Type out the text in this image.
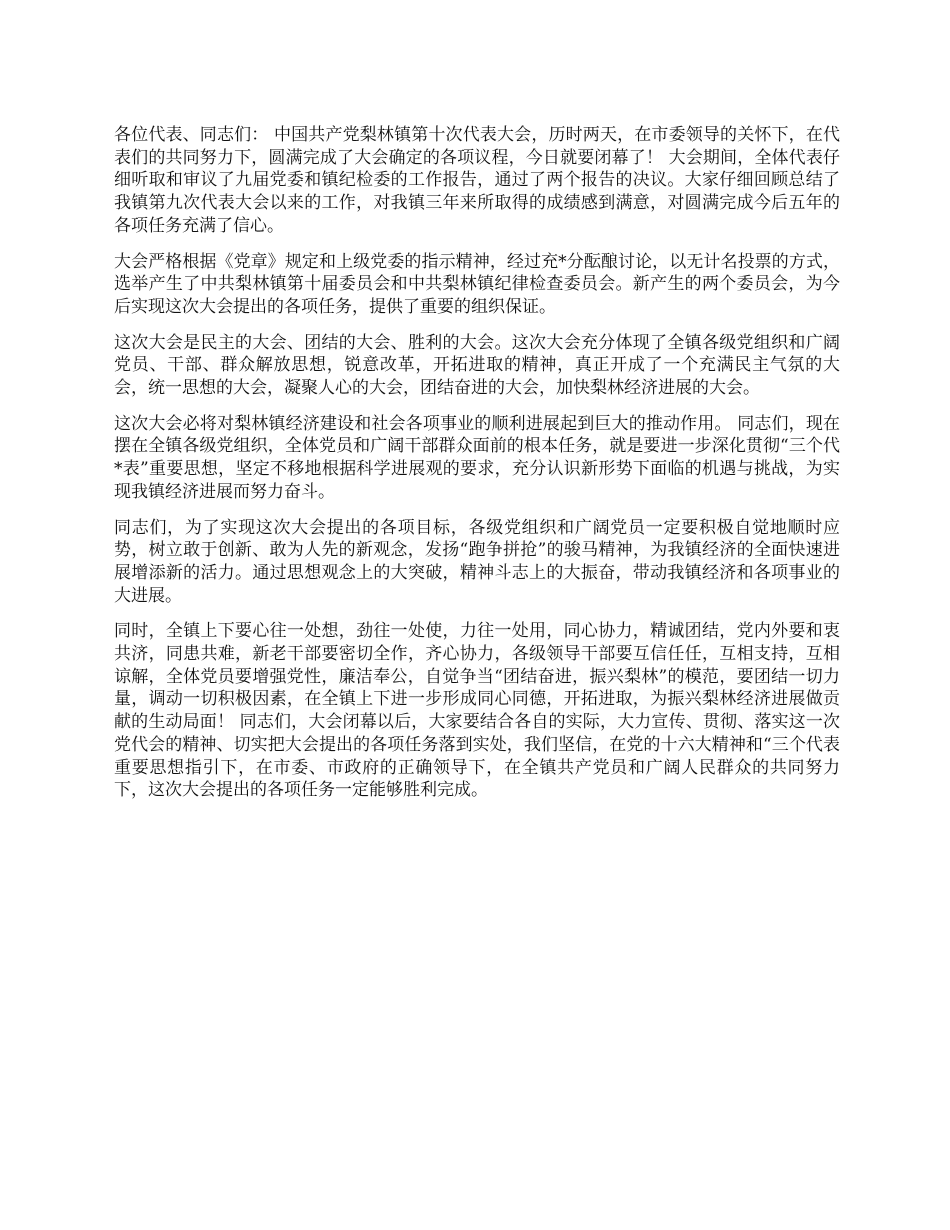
各位代表、同志们： 中国共产党梨林镇第十次代表大会，历时两天，在市委领导的关怀下，在代表们的共同努力下，圆满完成了大会确定的各项议程，今日就要闭幕了！ 大会期间，全体代表仔细听取和审议了九届党委和镇纪检委的工作报告，通过了两个报告的决议。大家仔细回顾总结了我镇第九次代表大会以来的工作，对我镇三年来所取得的成绩感到满意，对圆满完成今后五年的各项任务充满了信心。

大会严格根据《党章》规定和上级党委的指示精神，经过充*分酝酿讨论，以无计名投票的方式，选举产生了中共梨林镇第十届委员会和中共梨林镇纪律检查委员会。新产生的两个委员会，为今后实现这次大会提出的各项任务，提供了重要的组织保证。

这次大会是民主的大会、团结的大会、胜利的大会。这次大会充分体现了全镇各级党组织和广阔党员、干部、群众解放思想，锐意改革，开拓进取的精神，真正开成了一个充满民主气氛的大会，统一思想的大会，凝聚人心的大会，团结奋进的大会，加快梨林经济进展的大会。

这次大会必将对梨林镇经济建设和社会各项事业的顺利进展起到巨大的推动作用。 同志们，现在摆在全镇各级党组织，全体党员和广阔干部群众面前的根本任务，就是要进一步深化贯彻“三个代*表”重要思想，坚定不移地根据科学进展观的要求，充分认识新形势下面临的机遇与挑战，为实现我镇经济进展而努力奋斗。

同志们，为了实现这次大会提出的各项目标，各级党组织和广阔党员一定要积极自觉地顺时应势，树立敢于创新、敢为人先的新观念，发扬“跑争拼抢”的骏马精神，为我镇经济的全面快速进展增添新的活力。通过思想观念上的大突破，精神斗志上的大振奋，带动我镇经济和各项事业的大进展。

同时，全镇上下要心往一处想，劲往一处使，力往一处用，同心协力，精诚团结，党内外要和衷共济，同患共难，新老干部要密切全作，齐心协力，各级领导干部要互信任任，互相支持，互相谅解，全体党员要增强党性，廉洁奉公，自觉争当“团结奋进，振兴梨林”的模范，要团结一切力量，调动一切积极因素，在全镇上下进一步形成同心同德，开拓进取，为振兴梨林经济进展做贡献的生动局面！ 同志们，大会闭幕以后，大家要结合各自的实际，大力宣传、贯彻、落实这一次党代会的精神、切实把大会提出的各项任务落到实处，我们坚信，在党的十六大精神和“三个代表重要思想指引下，在市委、市政府的正确领导下，在全镇共产党员和广阔人民群众的共同努力下，这次大会提出的各项任务一定能够胜利完成。
